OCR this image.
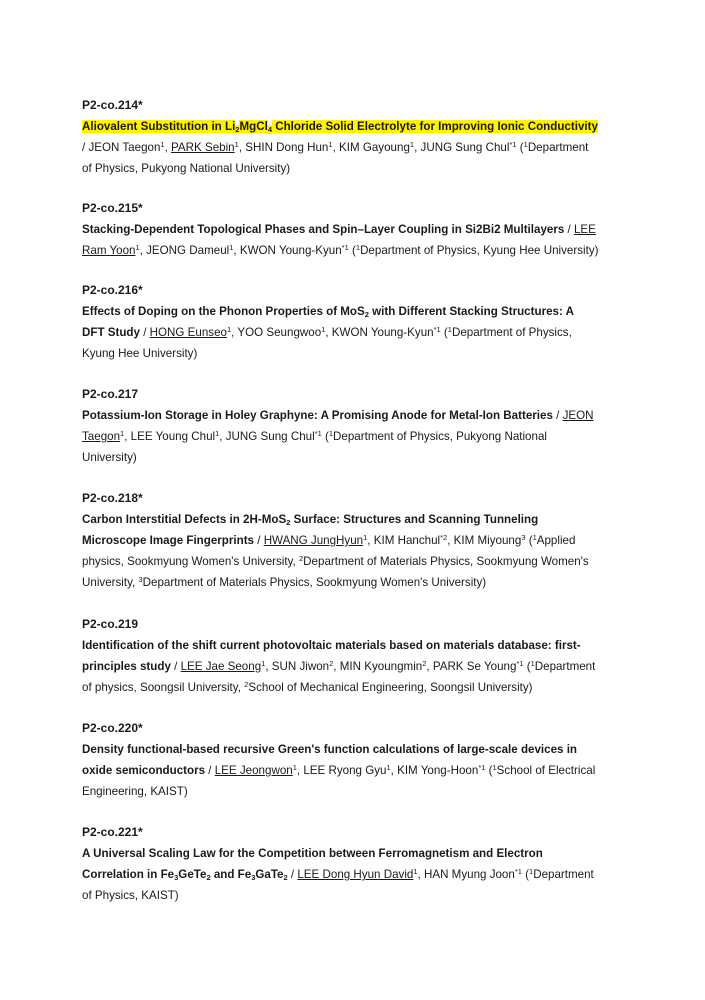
P2-co.214*
Aliovalent Substitution in $Li_2MgCl_4$ Chloride Solid Electrolyte for Improving Ionic Conductivity
/ JEON Taegon$^1$, PARK Sebin$^1$, SHIN Dong Hun$^1$, KIM Gayoung$^1$, JUNG Sung Chul$^{*1}$ ($^1$Department
of Physics, Pukyong National University)
P2-co.215*
Stacking-Dependent Topological Phases and Spin–Layer Coupling in Si2Bi2 Multilayers / LEE
Ram Yoon$^1$, JEONG Dameul$^1$, KWON Young-Kyun$^{*1}$ ($^1$Department of Physics, Kyung Hee University)
P2-co.216*
Effects of Doping on the Phonon Properties of MoS$_2$ with Different Stacking Structures: A
DFT Study / HONG Eunseo$^1$, YOO Seungwoo$^1$, KWON Young-Kyun$^{*1}$ ($^1$Department of Physics,
Kyung Hee University)
P2-co.217
Potassium-Ion Storage in Holey Graphyne: A Promising Anode for Metal-Ion Batteries / JEON
Taegon$^1$, LEE Young Chul$^1$, JUNG Sung Chul$^{*1}$ ($^1$Department of Physics, Pukyong National
University)
P2-co.218*
Carbon Interstitial Defects in 2H-MoS$_2$ Surface: Structures and Scanning Tunneling
Microscope Image Fingerprints / HWANG JungHyun$^1$, KIM Hanchul$^{*2}$, KIM Miyoung$^3$ ($^1$Applied
physics, Sookmyung Women's University, $^2$Department of Materials Physics, Sookmyung Women's
University, $^3$Department of Materials Physics, Sookmyung Women's University)
P2-co.219
Identification of the shift current photovoltaic materials based on materials database: first-
principles study / LEE Jae Seong$^1$, SUN Jiwon$^2$, MIN Kyoungmin$^2$, PARK Se Young$^{*1}$ ($^1$Department
of physics, Soongsil University, $^2$School of Mechanical Engineering, Soongsil University)
P2-co.220*
Density functional-based recursive Green's function calculations of large-scale devices in
oxide semiconductors / LEE Jeongwon$^1$, LEE Ryong Gyu$^1$, KIM Yong-Hoon$^{*1}$ ($^1$School of Electrical
Engineering, KAIST)
P2-co.221*
A Universal Scaling Law for the Competition between Ferromagnetism and Electron
Correlation in $Fe_3GeTe_2$ and $Fe_3GaTe_2$ / LEE Dong Hyun David$^1$, HAN Myung Joon$^{*1}$ ($^1$Department
of Physics, KAIST)
